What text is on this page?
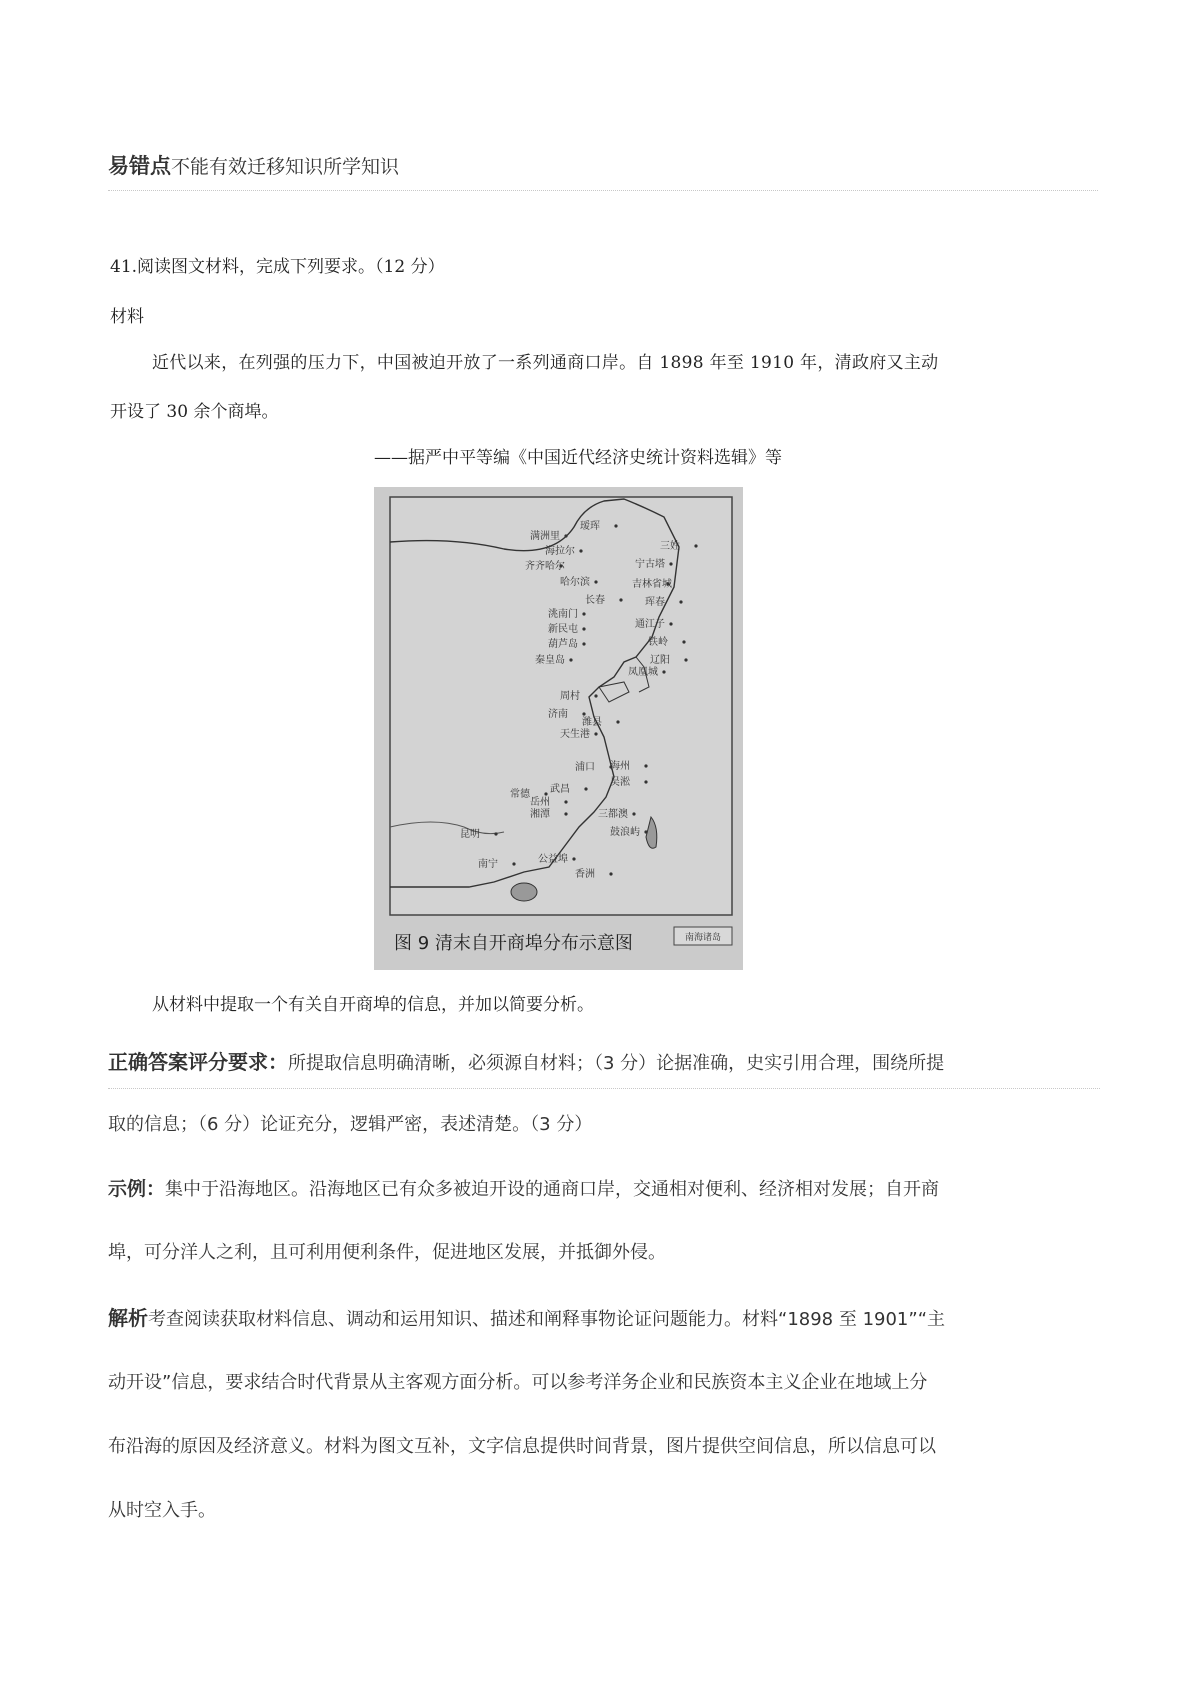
易错点不能有效迁移知识所学知识
41.阅读图文材料，完成下列要求。（12 分）
材料
近代以来，在列强的压力下，中国被迫开放了一系列通商口岸。自 1898 年至 1910 年，清政府又主动
开设了 30 余个商埠。
——据严中平等编《中国近代经济史统计资料选辑》等
南海诸岛
图 9 清末自开商埠分布示意图
满洲里
瑷珲
海拉尔	三姓
齐齐哈尔	宁古塔
哈尔滨	吉林省城
长春	珲春
洮南门
新民屯	通江子
铁岭
葫芦岛
辽阳
秦皇岛
凤凰城
周村
济南
潍县
天生港
浦口 海州
吴淞
武昌
岳州
常德
湘潭	三都澳
鼓浪屿
昆明
南宁	公益埠
香洲
从材料中提取一个有关自开商埠的信息，并加以简要分析。
正确答案评分要求：所提取信息明确清晰，必须源自材料；（3 分）论据准确，史实引用合理，围绕所提
取的信息；（6 分）论证充分，逻辑严密，表述清楚。（3 分）
示例：集中于沿海地区。沿海地区已有众多被迫开设的通商口岸，交通相对便利、经济相对发展；自开商
埠，可分洋人之利，且可利用便利条件，促进地区发展，并抵御外侵。
解析考查阅读获取材料信息、调动和运用知识、描述和阐释事物论证问题能力。材料“1898 至 1901”“主
动开设”信息，要求结合时代背景从主客观方面分析。可以参考洋务企业和民族资本主义企业在地域上分
布沿海的原因及经济意义。材料为图文互补，文字信息提供时间背景，图片提供空间信息，所以信息可以
从时空入手。
